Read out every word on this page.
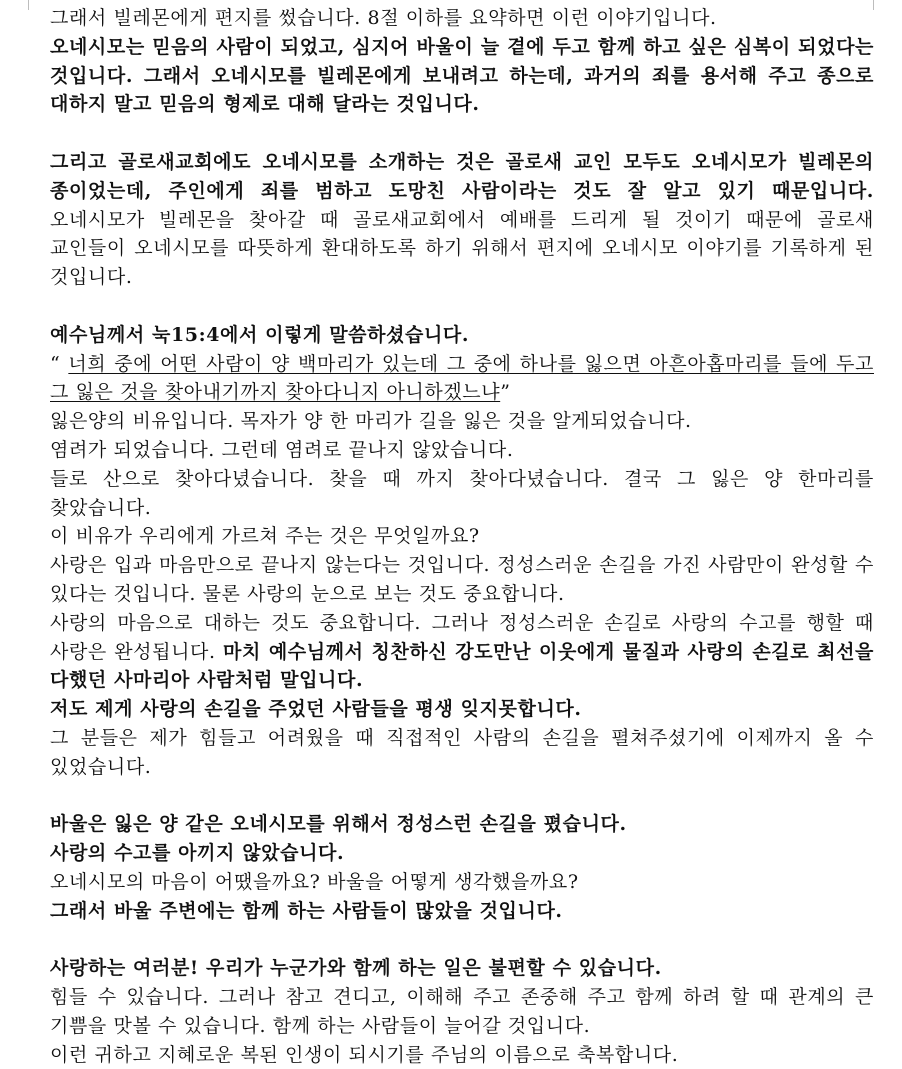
그래서 빌레몬에게 편지를 썼습니다. 8절 이하를 요약하면 이런 이야기입니다.

오네시모는 믿음의 사람이 되었고, 심지어 바울이 늘 곁에 두고 함께 하고 싶은 심복이 되었다는 것입니다. 그래서 오네시모를 빌레몬에게 보내려고 하는데, 과거의 죄를 용서해 주고 종으로 대하지 말고 믿음의 형제로 대해 달라는 것입니다.

그리고 골로새교회에도 오네시모를 소개하는 것은 골로새 교인 모두도 오네시모가 빌레몬의 종이었는데, 주인에게 죄를 범하고 도망친 사람이라는 것도 잘 알고 있기 때문입니다. 오네시모가 빌레몬을 찾아갈 때 골로새교회에서 예배를 드리게 될 것이기 때문에 골로새 교인들이 오네시모를 따뜻하게 환대하도록 하기 위해서 편지에 오네시모 이야기를 기록하게 된 것입니다.

예수님께서 눅15:4에서 이렇게 말씀하셨습니다.

“ 너희 중에 어떤 사람이 양 백마리가 있는데 그 중에 하나를 잃으면 아흔아홉마리를 들에 두고 그 잃은 것을 찾아내기까지 찾아다니지 아니하겠느냐”

잃은양의 비유입니다. 목자가 양 한 마리가 길을 잃은 것을 알게되었습니다.

염려가 되었습니다. 그런데 염려로 끝나지 않았습니다.

들로 산으로 찾아다녔습니다. 찾을 때 까지 찾아다녔습니다. 결국 그 잃은 양 한마리를 찾았습니다.

이 비유가 우리에게 가르쳐 주는 것은 무엇일까요?

사랑은 입과 마음만으로 끝나지 않는다는 것입니다. 정성스러운 손길을 가진 사람만이 완성할 수 있다는 것입니다. 물론 사랑의 눈으로 보는 것도 중요합니다.

사랑의 마음으로 대하는 것도 중요합니다. 그러나 정성스러운 손길로 사랑의 수고를 행할 때 사랑은 완성됩니다. 마치 예수님께서 칭찬하신 강도만난 이웃에게 물질과 사랑의 손길로 최선을 다했던 사마리아 사람처럼 말입니다.

저도 제게 사랑의 손길을 주었던 사람들을 평생 잊지못합니다.

그 분들은 제가 힘들고 어려웠을 때 직접적인 사람의 손길을 펼쳐주셨기에 이제까지 올 수 있었습니다.

바울은 잃은 양 같은 오네시모를 위해서 정성스런 손길을 폈습니다.

사랑의 수고를 아끼지 않았습니다.

오네시모의 마음이 어땠을까요? 바울을 어떻게 생각했을까요?

그래서 바울 주변에는 함께 하는 사람들이 많았을 것입니다.

사랑하는 여러분! 우리가 누군가와 함께 하는 일은 불편할 수 있습니다.

힘들 수 있습니다. 그러나 참고 견디고, 이해해 주고 존중해 주고 함께 하려 할 때 관계의 큰 기쁨을 맛볼 수 있습니다. 함께 하는 사람들이 늘어갈 것입니다.

이런 귀하고 지혜로운 복된 인생이 되시기를 주님의 이름으로 축복합니다.
